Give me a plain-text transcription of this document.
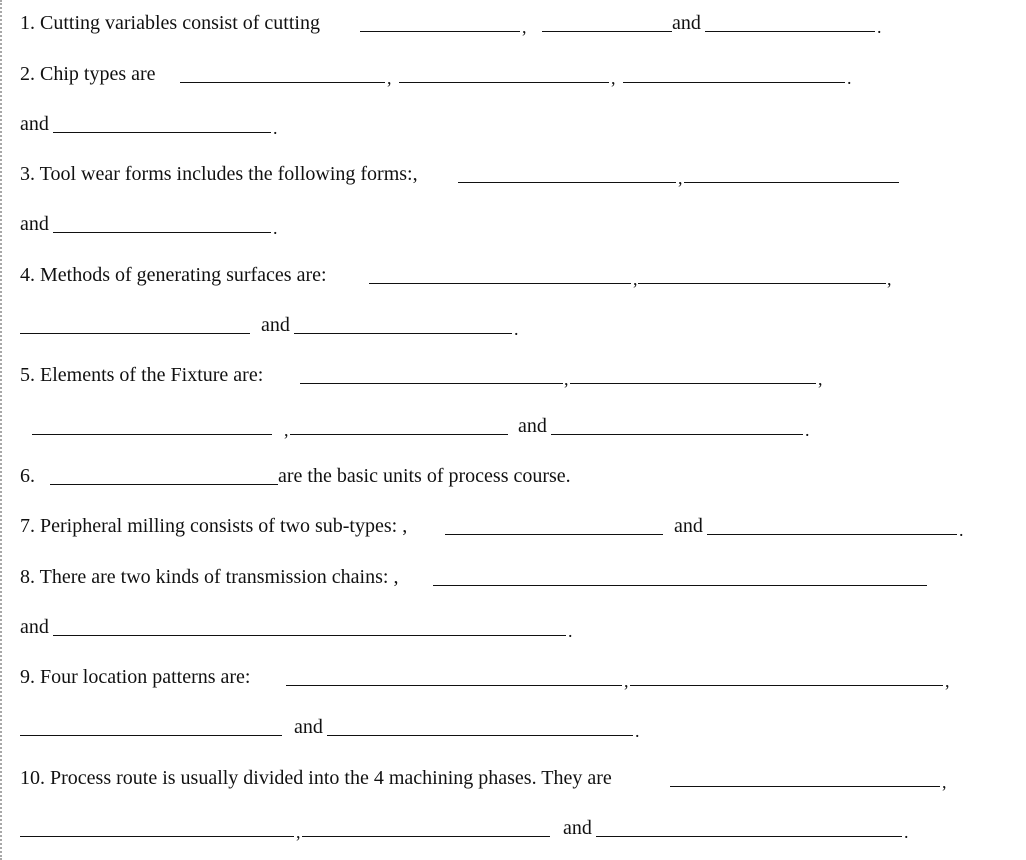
1. Cutting variables consist of cutting	,	and	.
2. Chip types are	,	,	.
and	.
3. Tool wear forms includes the following forms:,	,
and	.
4. Methods of generating surfaces are:	,	,
and	.
5. Elements of the Fixture are:	,	,
,	and	.
6.	are the basic units of process course.
7. Peripheral milling consists of two sub-types: ,	and	.
8. There are two kinds of transmission chains: ,
and	.
9. Four location patterns are:	,	,
and	.
10. Process route is usually divided into the 4 machining phases. They are	,
,	and	.
